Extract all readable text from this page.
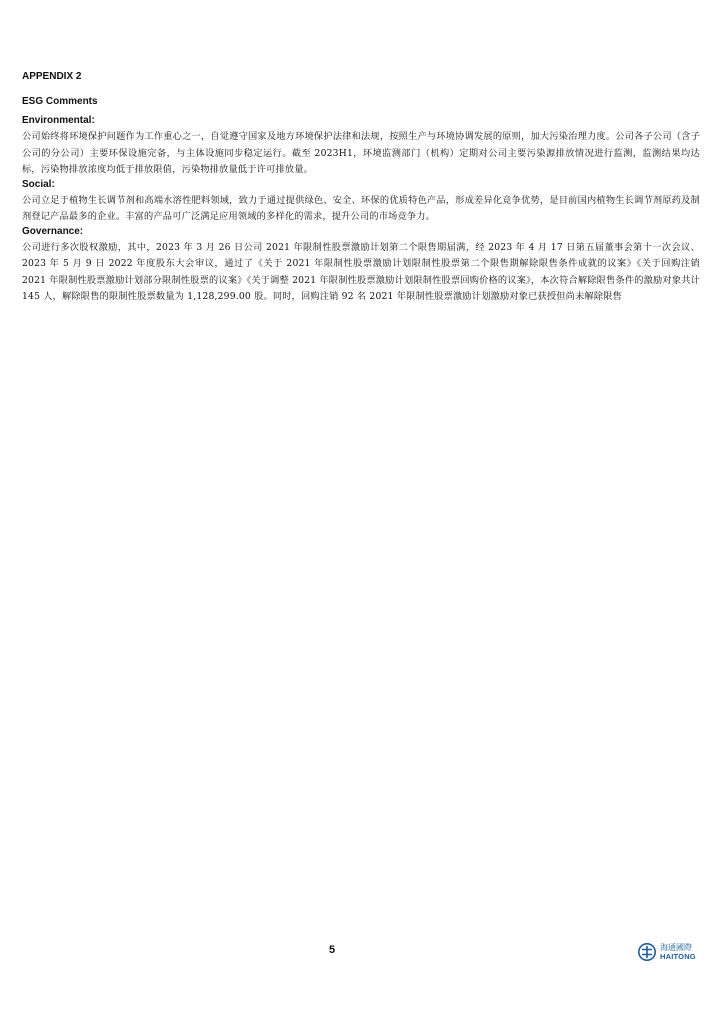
APPENDIX 2
ESG Comments
Environmental:

公司始终将环境保护问题作为工作重心之一，自觉遵守国家及地方环境保护法律和法规，按照生产与环境协调发展的原则，加大污染治理力度。公司各子公司（含子公司的分公司）主要环保设施完备，与主体设施同步稳定运行。截至 2023H1，环境监测部门（机构）定期对公司主要污染源排放情况进行监测，监测结果均达标，污染物排放浓度均低于排放限值，污染物排放量低于许可排放量。

Social:

公司立足于植物生长调节剂和高端水溶性肥料领域，致力于通过提供绿色、安全、环保的优质特色产品，形成差异化竞争优势，是目前国内植物生长调节剂原药及制剂登记产品最多的企业。丰富的产品可广泛满足应用领域的多样化的需求，提升公司的市场竞争力。

Governance:

公司进行多次股权激励，其中，2023 年 3 月 26 日公司 2021 年限制性股票激励计划第二个限售期届满，经 2023 年 4 月 17 日第五届董事会第十一次会议、2023 年 5 月 9 日 2022 年度股东大会审议，通过了《关于 2021 年限制性股票激励计划限制性股票第二个限售期解除限售条件成就的议案》《关于回购注销 2021 年限制性股票激励计划部分限制性股票的议案》《关于调整 2021 年限制性股票激励计划限制性股票回购价格的议案》，本次符合解除限售条件的激励对象共计 145 人，解除限售的限制性股票数量为 1,128,299.00 股。同时，回购注销 92 名 2021 年限制性股票激励计划激励对象已获授但尚未解除限售

5	海通國際
HAITONG
